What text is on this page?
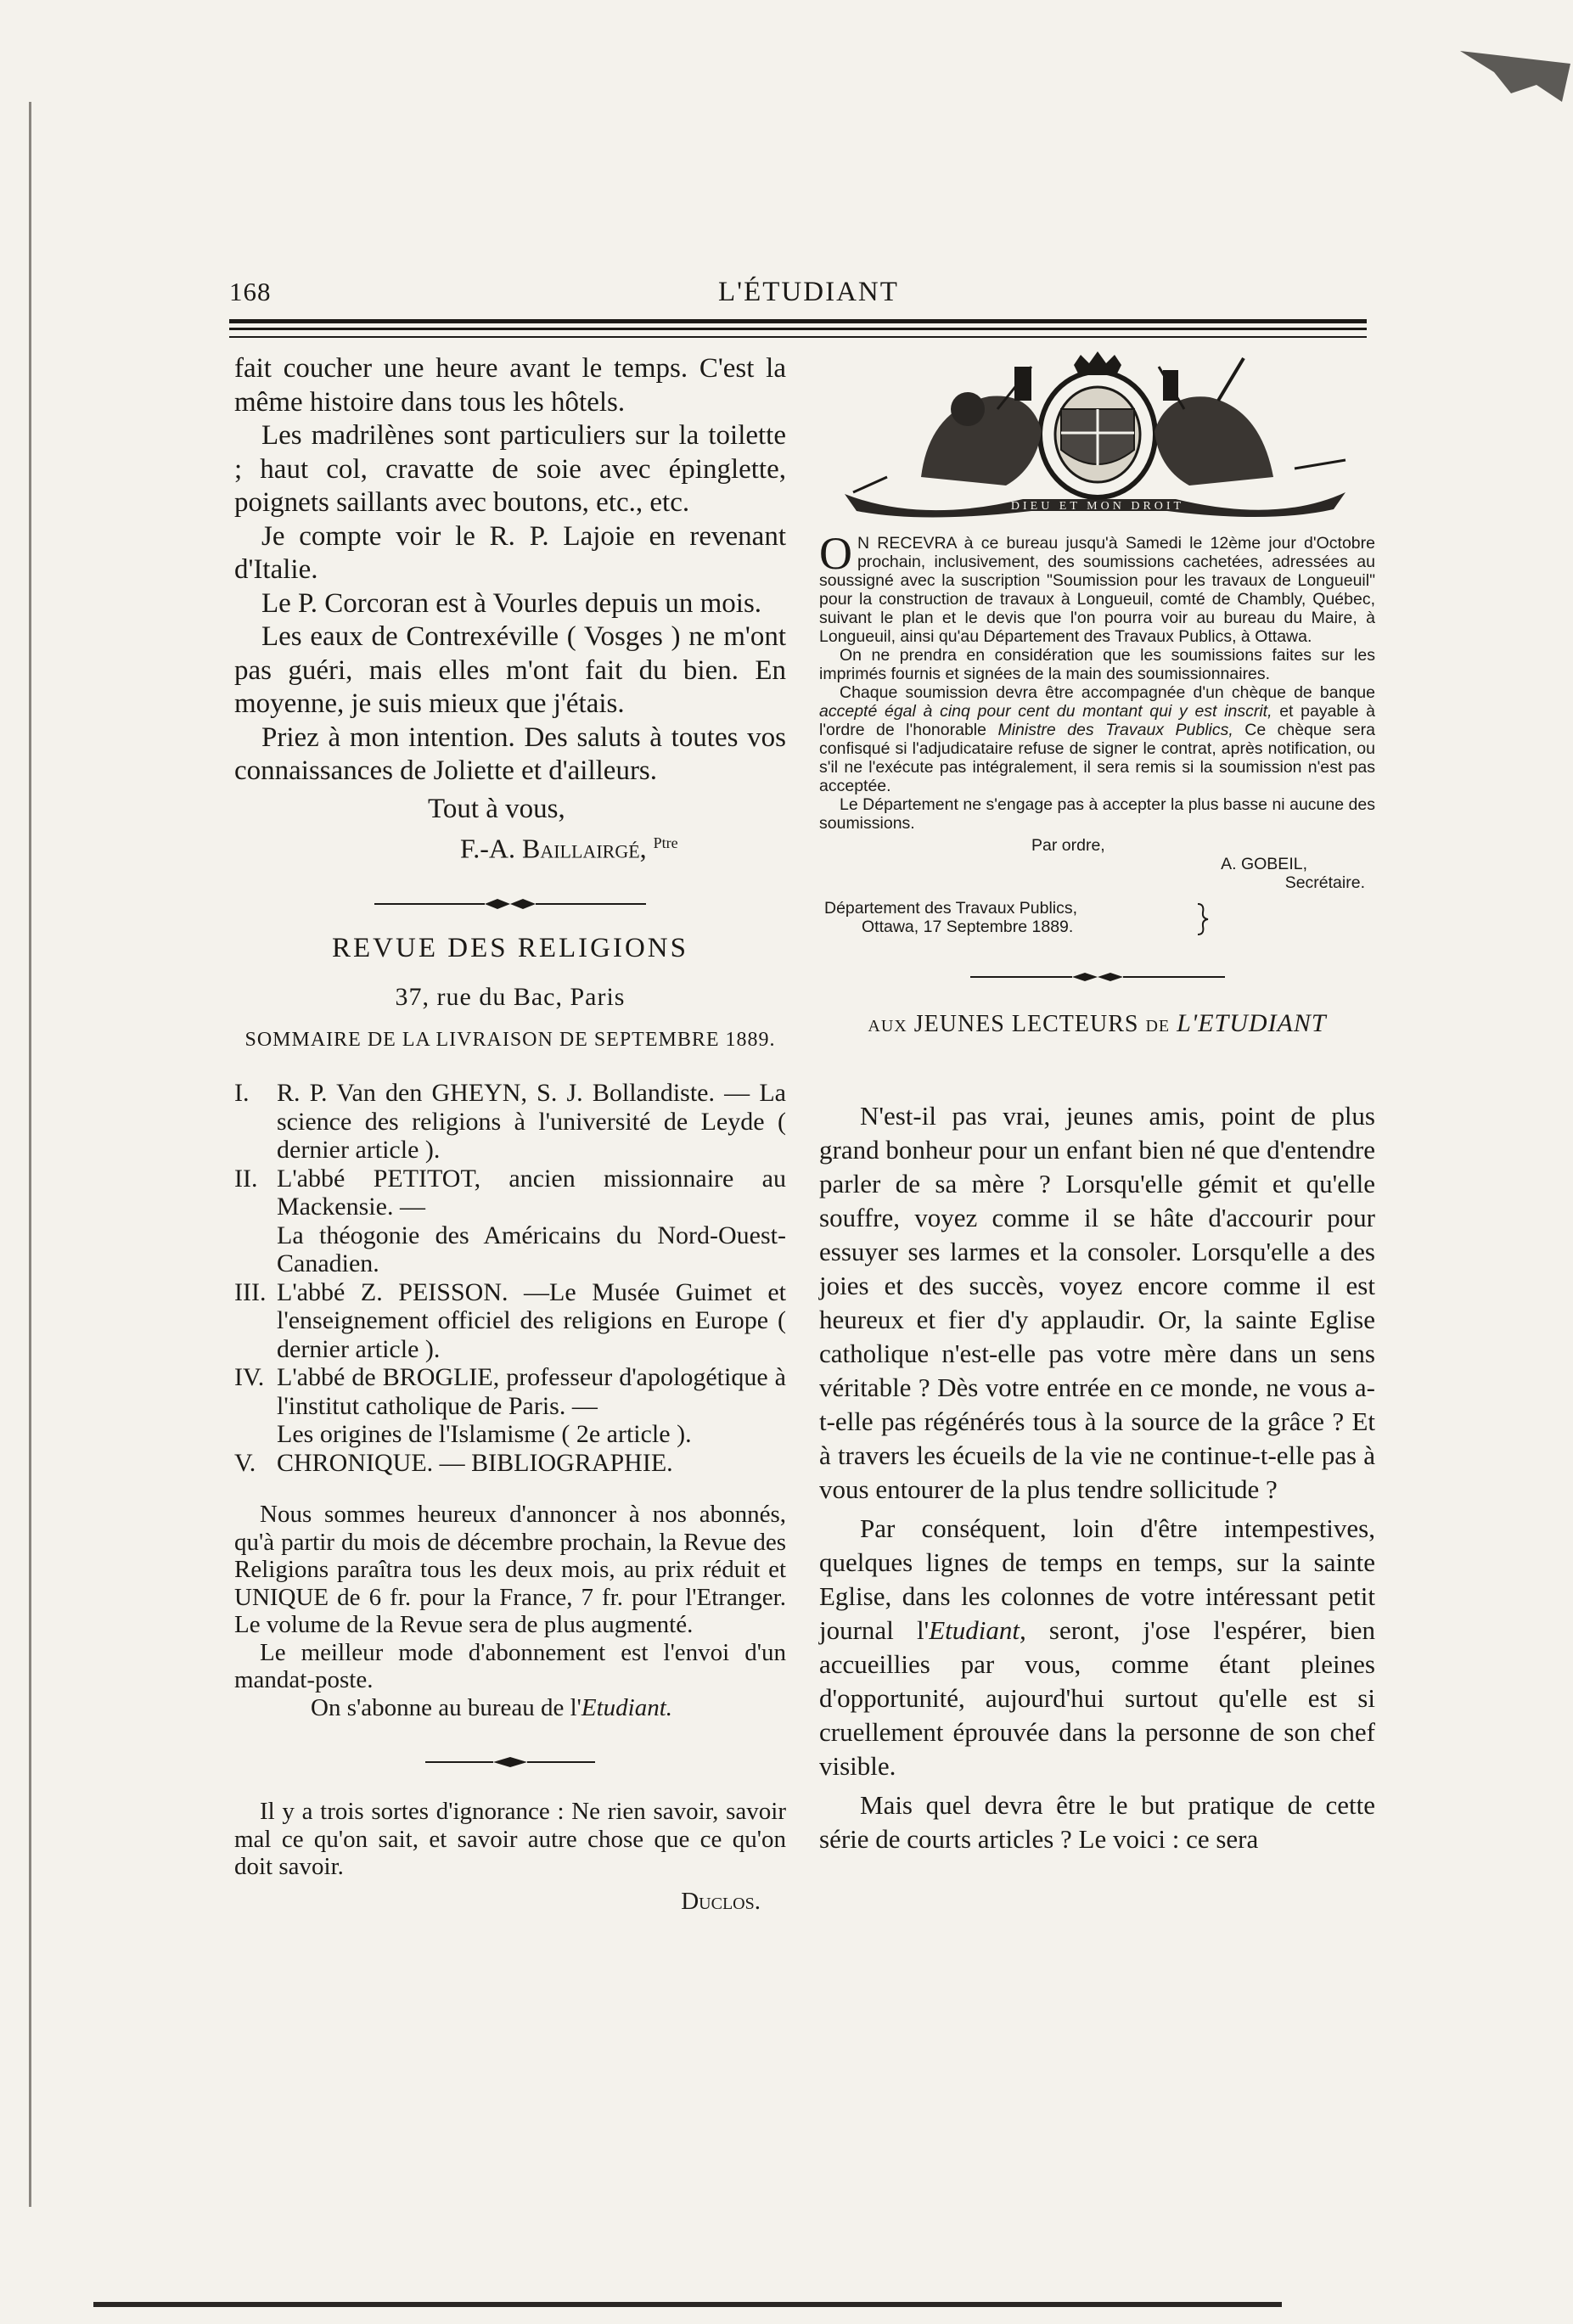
168	L'ÉTUDIANT

fait coucher une heure avant le temps. C'est la même histoire dans tous les hôtels.

Les madrilènes sont particuliers sur la toilette ; haut col, cravatte de soie avec épinglette, poignets saillants avec boutons, etc., etc.

Je compte voir le R. P. Lajoie en revenant d'Italie.

Le P. Corcoran est à Vourles depuis un mois.

Les eaux de Contrexéville ( Vosges ) ne m'ont pas guéri, mais elles m'ont fait du bien. En moyenne, je suis mieux que j'étais.

Priez à mon intention. Des saluts à toutes vos connaissances de Joliette et d'ailleurs.

Tout à vous,

F.-A. Baillairgé, $^{Ptre}$

REVUE DES RELIGIONS

37, rue du Bac, Paris

SOMMAIRE DE LA LIVRAISON DE SEPTEMBRE 1889.

I. R. P. Van den GHEYN, S. J. Bollandiste. — La science des religions à l'université de Leyde ( dernier article ).
II. L'abbé PETITOT, ancien missionnaire au Mackensie. —
La théogonie des Américains du Nord-Ouest-Canadien.
III. L'abbé Z. PEISSON. —Le Musée Guimet et l'enseignement officiel des religions en Europe ( dernier article ).
IV. L'abbé de BROGLIE, professeur d'apologétique à l'institut catholique de Paris. —
Les origines de l'Islamisme ( 2e article ).
V. CHRONIQUE. — BIBLIOGRAPHIE.

Nous sommes heureux d'annoncer à nos abonnés, qu'à partir du mois de décembre prochain, la Revue des Religions paraîtra tous les deux mois, au prix réduit et UNIQUE de 6 fr. pour la France, 7 fr. pour l'Etranger. Le volume de la Revue sera de plus augmenté.

Le meilleur mode d'abonnement est l'envoi d'un mandat-poste.

On s'abonne au bureau de l'Etudiant.

Il y a trois sortes d'ignorance : Ne rien savoir, savoir mal ce qu'on sait, et savoir autre chose que ce qu'on doit savoir.

Duclos.

DIEU ET MON DROIT

O N RECEVRA à ce bureau jusqu'à Samedi le 12ème jour d'Octobre prochain, inclusivement, des soumissions cachetées, adressées au soussigné avec la suscription "Soumission pour les travaux de Longueuil" pour la construction de travaux à Longueuil, comté de Chambly, Québec, suivant le plan et le devis que l'on pourra voir au bureau du Maire, à Longueuil, ainsi qu'au Département des Travaux Publics, à Ottawa.

On ne prendra en considération que les soumissions faites sur les imprimés fournis et signées de la main des soumissionnaires.

Chaque soumission devra être accompagnée d'un chèque de banque accepté égal à cinq pour cent du montant qui y est inscrit, et payable à l'ordre de l'honorable Ministre des Travaux Publics, Ce chèque sera confisqué si l'adjudicataire refuse de signer le contrat, après notification, ou s'il ne l'exécute pas intégralement, il sera remis si la soumission n'est pas acceptée.

Le Département ne s'engage pas à accepter la plus basse ni aucune des soumissions.

Par ordre,

A. GOBEIL,

Secrétaire.

Département des Travaux Publics,

Ottawa, 17 Septembre 1889.

AUX JEUNES LECTEURS DE L'ETUDIANT

N'est-il pas vrai, jeunes amis, point de plus grand bonheur pour un enfant bien né que d'entendre parler de sa mère ? Lorsqu'elle gémit et qu'elle souffre, voyez comme il se hâte d'accourir pour essuyer ses larmes et la consoler. Lorsqu'elle a des joies et des succès, voyez encore comme il est heureux et fier d'y applaudir. Or, la sainte Eglise catholique n'est-elle pas votre mère dans un sens véritable ? Dès votre entrée en ce monde, ne vous a-t-elle pas régénérés tous à la source de la grâce ? Et à travers les écueils de la vie ne continue-t-elle pas à vous entourer de la plus tendre sollicitude ?

Par conséquent, loin d'être intempestives, quelques lignes de temps en temps, sur la sainte Eglise, dans les colonnes de votre intéressant petit journal l'Etudiant, seront, j'ose l'espérer, bien accueillies par vous, comme étant pleines d'opportunité, aujourd'hui surtout qu'elle est si cruellement éprouvée dans la personne de son chef visible.

Mais quel devra être le but pratique de cette série de courts articles ? Le voici : ce sera
